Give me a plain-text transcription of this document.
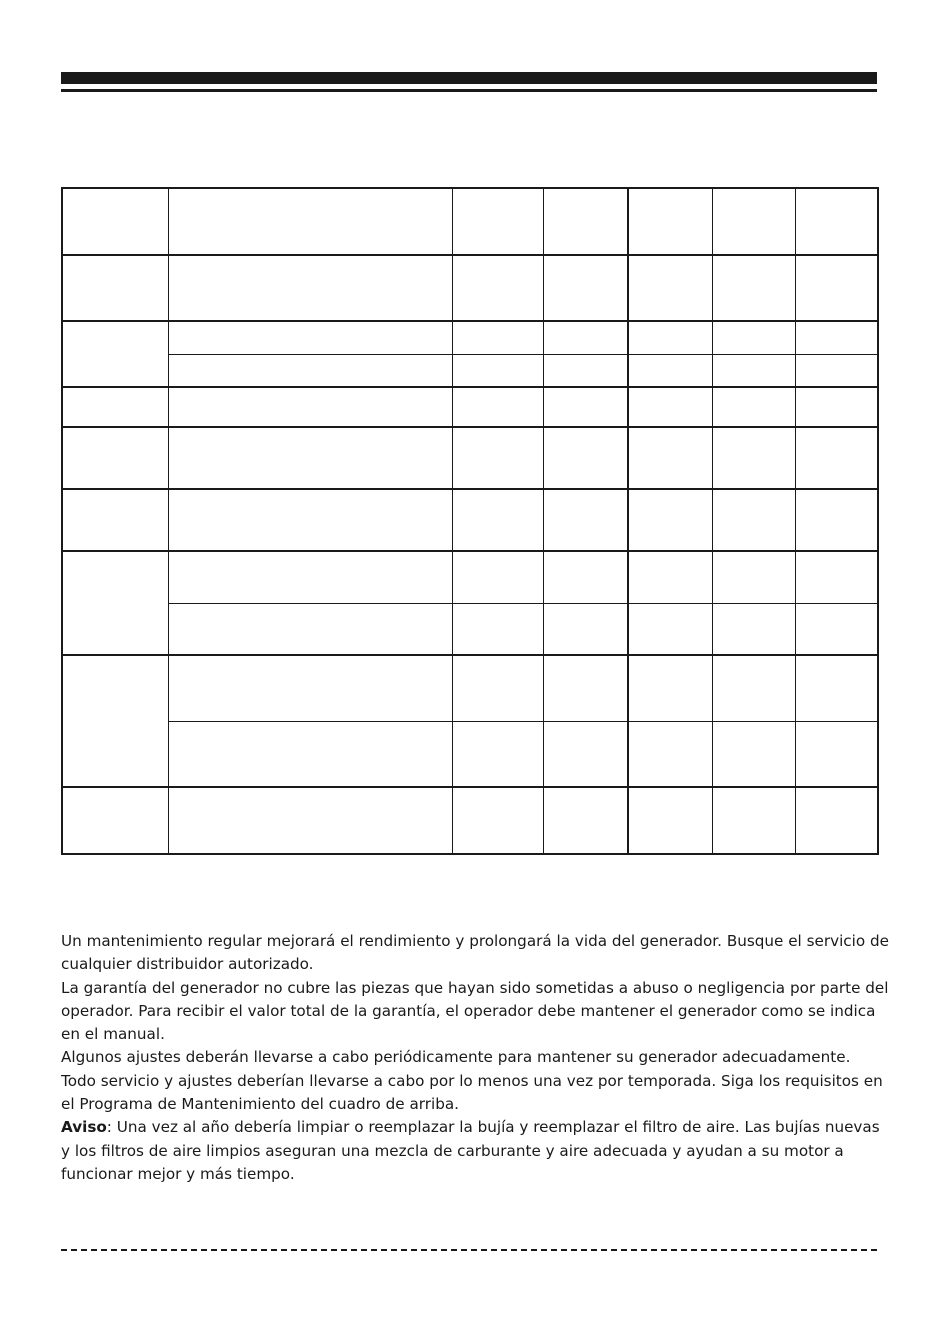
Un mantenimiento regular mejorará el rendimiento y prolongará la vida del generador. Busque el servicio de cualquier distribuidor autorizado.

La garantía del generador no cubre las piezas que hayan sido sometidas a abuso o negligencia por parte del operador. Para recibir el valor total de la garantía, el operador debe mantener el generador como se indica en el manual.

Algunos ajustes deberán llevarse a cabo periódicamente para mantener su generador adecuadamente.

Todo servicio y ajustes deberían llevarse a cabo por lo menos una vez por temporada. Siga los requisitos en el Programa de Mantenimiento del cuadro de arriba.

Aviso: Una vez al año debería limpiar o reemplazar la bujía y reemplazar el filtro de aire. Las bujías nuevas y los filtros de aire limpios aseguran una mezcla de carburante y aire adecuada y ayudan a su motor a funcionar mejor y más tiempo.
